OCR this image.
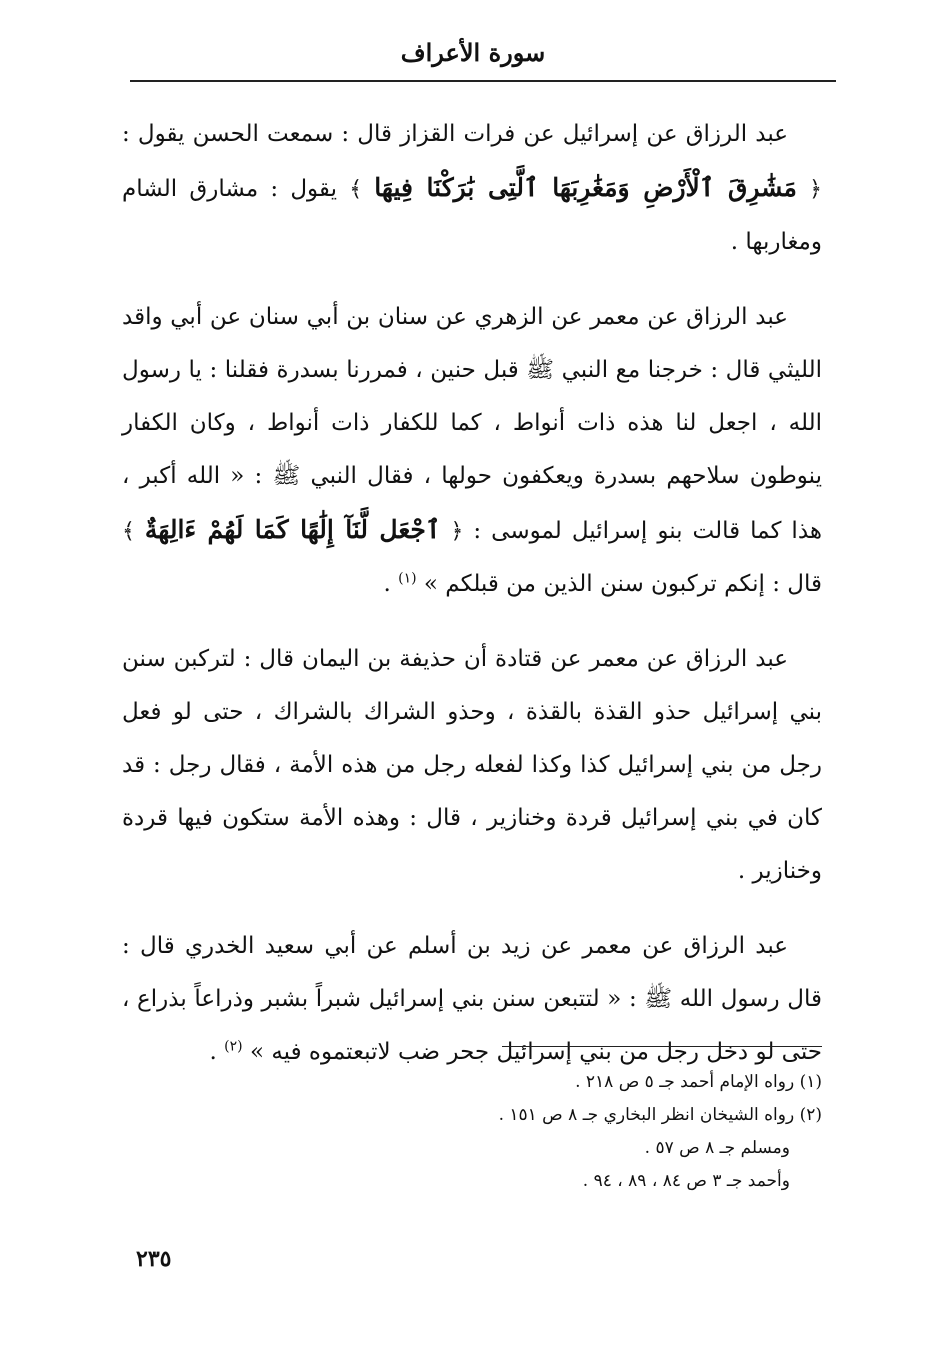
سورة الأعراف

عبد الرزاق عن إسرائيل عن فرات القزاز قال : سمعت الحسن يقول : ﴿ مَشَٰرِقَ ٱلْأَرْضِ وَمَغَٰرِبَهَا ٱلَّتِى بَٰرَكْنَا فِيهَا ﴾ يقول : مشارق الشام ومغاربها .

عبد الرزاق عن معمر عن الزهري عن سنان بن أبي سنان عن أبي واقد الليثي قال : خرجنا مع النبي ﷺ قبل حنين ، فمررنا بسدرة فقلنا : يا رسول الله ، اجعل لنا هذه ذات أنواط ، كما للكفار ذات أنواط ، وكان الكفار ينوطون سلاحهم بسدرة ويعكفون حولها ، فقال النبي ﷺ : « الله أكبر ، هذا كما قالت بنو إسرائيل لموسى : ﴿ ٱجْعَل لَّنَآ إِلَٰهًا كَمَا لَهُمْ ءَالِهَةٌ ﴾ قال : إنكم تركبون سنن الذين من قبلكم » $^{(١)}$ .

عبد الرزاق عن معمر عن قتادة أن حذيفة بن اليمان قال : لتركبن سنن بني إسرائيل حذو القذة بالقذة ، وحذو الشراك بالشراك ، حتى لو فعل رجل من بني إسرائيل كذا وكذا لفعله رجل من هذه الأمة ، فقال رجل : قد كان في بني إسرائيل قردة وخنازير ، قال : وهذه الأمة ستكون فيها قردة وخنازير .

عبد الرزاق عن معمر عن زيد بن أسلم عن أبي سعيد الخدري قال : قال رسول الله ﷺ : « لتتبعن سنن بني إسرائيل شبراً بشبر وذراعاً بذراع ، حتى لو دخل رجل من بني إسرائيل جحر ضب لاتبعتموه فيه » $^{(٢)}$ .

(١) رواه الإمام أحمد جـ ٥ ص ٢١٨ .

(٢) رواه الشيخان انظر البخاري جـ ٨ ص ١٥١ .

ومسلم جـ ٨ ص ٥٧ .

وأحمد جـ ٣ ص ٨٤ ، ٨٩ ، ٩٤ .

٢٣٥
